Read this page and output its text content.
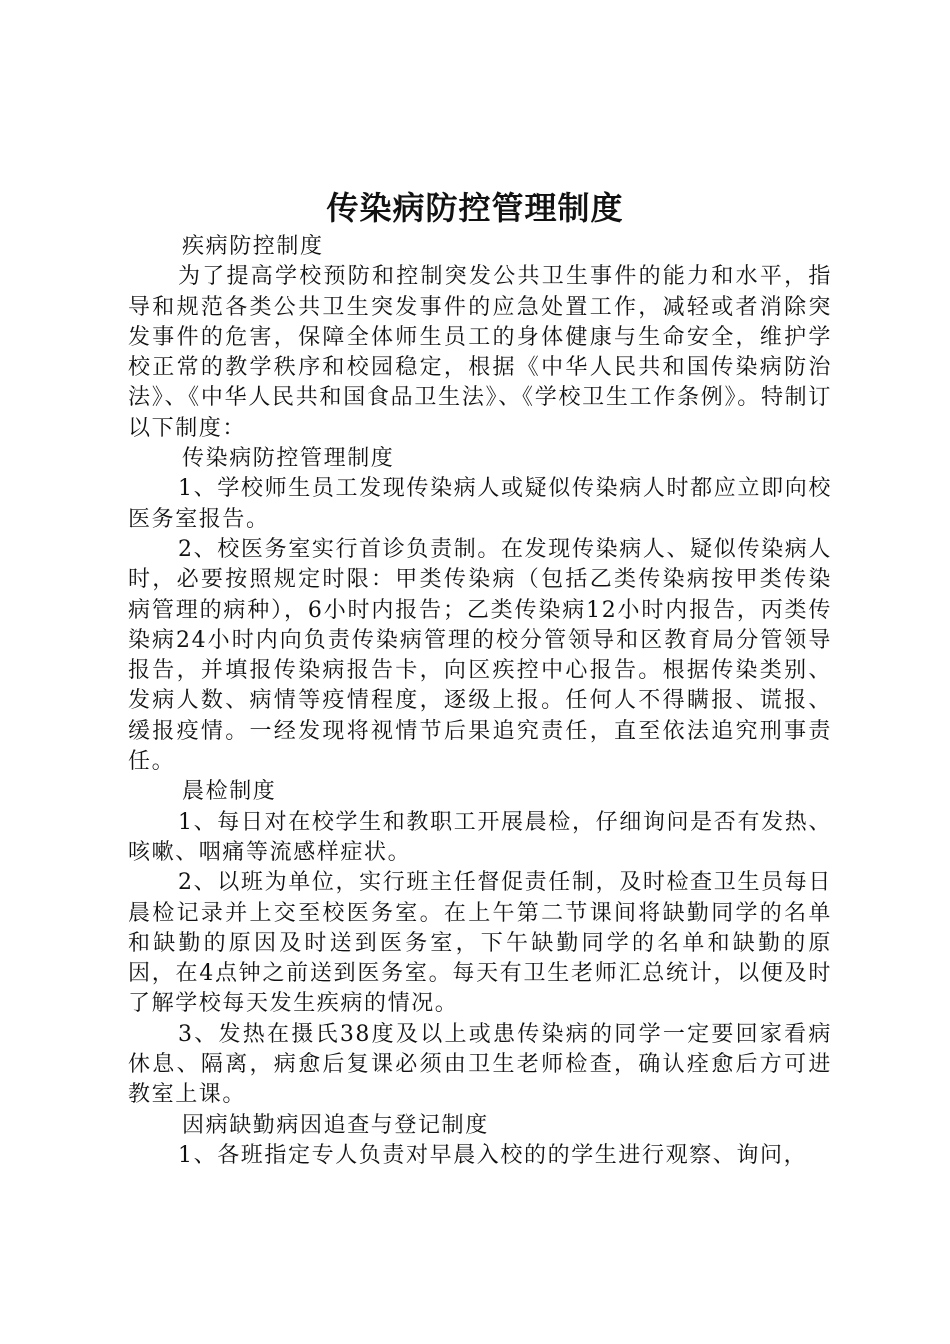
传染病防控管理制度

疾病防控制度

为了提高学校预防和控制突发公共卫生事件的能力和水平，指导和规范各类公共卫生突发事件的应急处置工作，减轻或者消除突发事件的危害，保障全体师生员工的身体健康与生命安全，维护学校正常的教学秩序和校园稳定，根据《中华人民共和国传染病防治法》、《中华人民共和国食品卫生法》、《学校卫生工作条例》。特制订以下制度：

传染病防控管理制度

1、学校师生员工发现传染病人或疑似传染病人时都应立即向校医务室报告。

2、校医务室实行首诊负责制。在发现传染病人、疑似传染病人时，必要按照规定时限：甲类传染病（包括乙类传染病按甲类传染病管理的病种），6小时内报告；乙类传染病12小时内报告，丙类传染病24小时内向负责传染病管理的校分管领导和区教育局分管领导报告，并填报传染病报告卡，向区疾控中心报告。根据传染类别、发病人数、病情等疫情程度，逐级上报。任何人不得瞒报、谎报、缓报疫情。一经发现将视情节后果追究责任，直至依法追究刑事责任。

晨检制度

1、每日对在校学生和教职工开展晨检，仔细询问是否有发热、咳嗽、咽痛等流感样症状。

2、以班为单位，实行班主任督促责任制，及时检查卫生员每日晨检记录并上交至校医务室。在上午第二节课间将缺勤同学的名单和缺勤的原因及时送到医务室，下午缺勤同学的名单和缺勤的原因，在4点钟之前送到医务室。每天有卫生老师汇总统计，以便及时了解学校每天发生疾病的情况。

3、发热在摄氏38度及以上或患传染病的同学一定要回家看病休息、隔离，病愈后复课必须由卫生老师检查，确认痊愈后方可进教室上课。

因病缺勤病因追查与登记制度

1、各班指定专人负责对早晨入校的的学生进行观察、询问，
